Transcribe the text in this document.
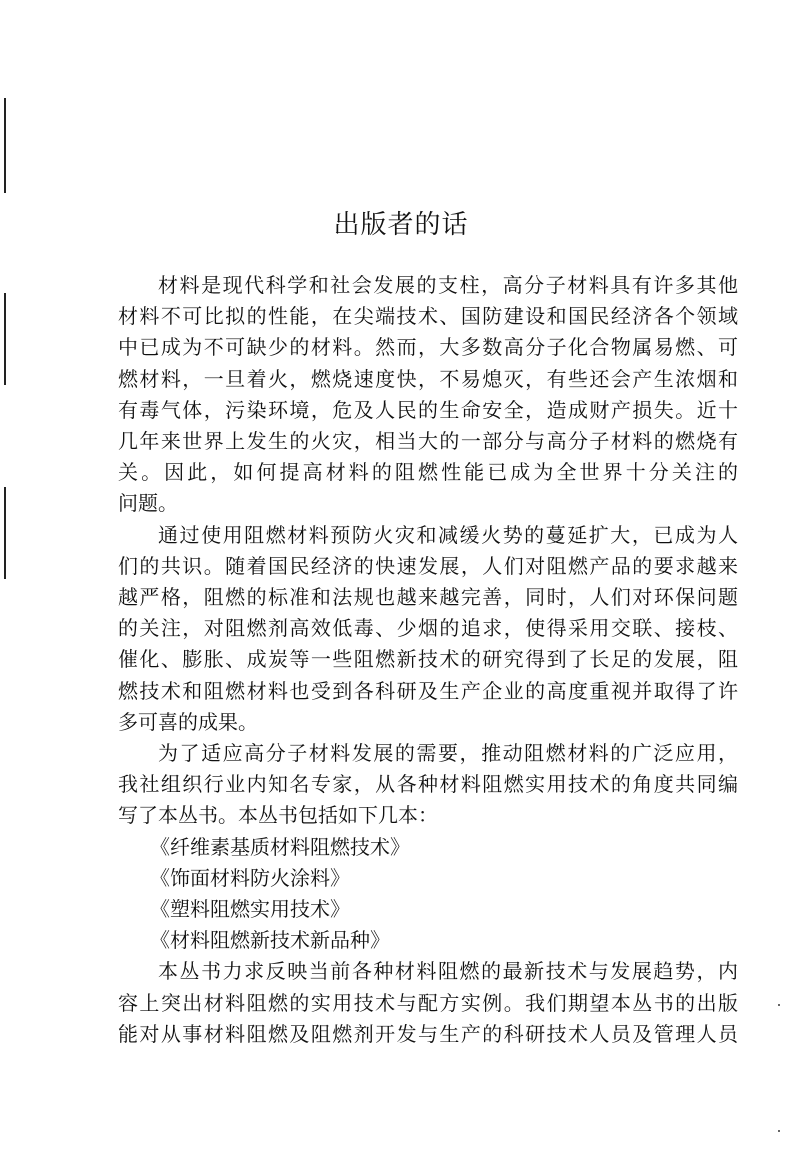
出版者的话
材料是现代科学和社会发展的支柱，高分子材料具有许多其他
材料不可比拟的性能，在尖端技术、国防建设和国民经济各个领域
中已成为不可缺少的材料。然而，大多数高分子化合物属易燃、可
燃材料，一旦着火，燃烧速度快，不易熄灭，有些还会产生浓烟和
有毒气体，污染环境，危及人民的生命安全，造成财产损失。近十
几年来世界上发生的火灾，相当大的一部分与高分子材料的燃烧有
关。因此，如何提高材料的阻燃性能已成为全世界十分关注的
问题。
通过使用阻燃材料预防火灾和减缓火势的蔓延扩大，已成为人
们的共识。随着国民经济的快速发展，人们对阻燃产品的要求越来
越严格，阻燃的标准和法规也越来越完善，同时，人们对环保问题
的关注，对阻燃剂高效低毒、少烟的追求，使得采用交联、接枝、
催化、膨胀、成炭等一些阻燃新技术的研究得到了长足的发展，阻
燃技术和阻燃材料也受到各科研及生产企业的高度重视并取得了许
多可喜的成果。
为了适应高分子材料发展的需要，推动阻燃材料的广泛应用，
我社组织行业内知名专家，从各种材料阻燃实用技术的角度共同编
写了本丛书。本丛书包括如下几本：
《纤维素基质材料阻燃技术》
《饰面材料防火涂料》
《塑料阻燃实用技术》
《材料阻燃新技术新品种》
本丛书力求反映当前各种材料阻燃的最新技术与发展趋势，内
容上突出材料阻燃的实用技术与配方实例。我们期望本丛书的出版
能对从事材料阻燃及阻燃剂开发与生产的科研技术人员及管理人员
